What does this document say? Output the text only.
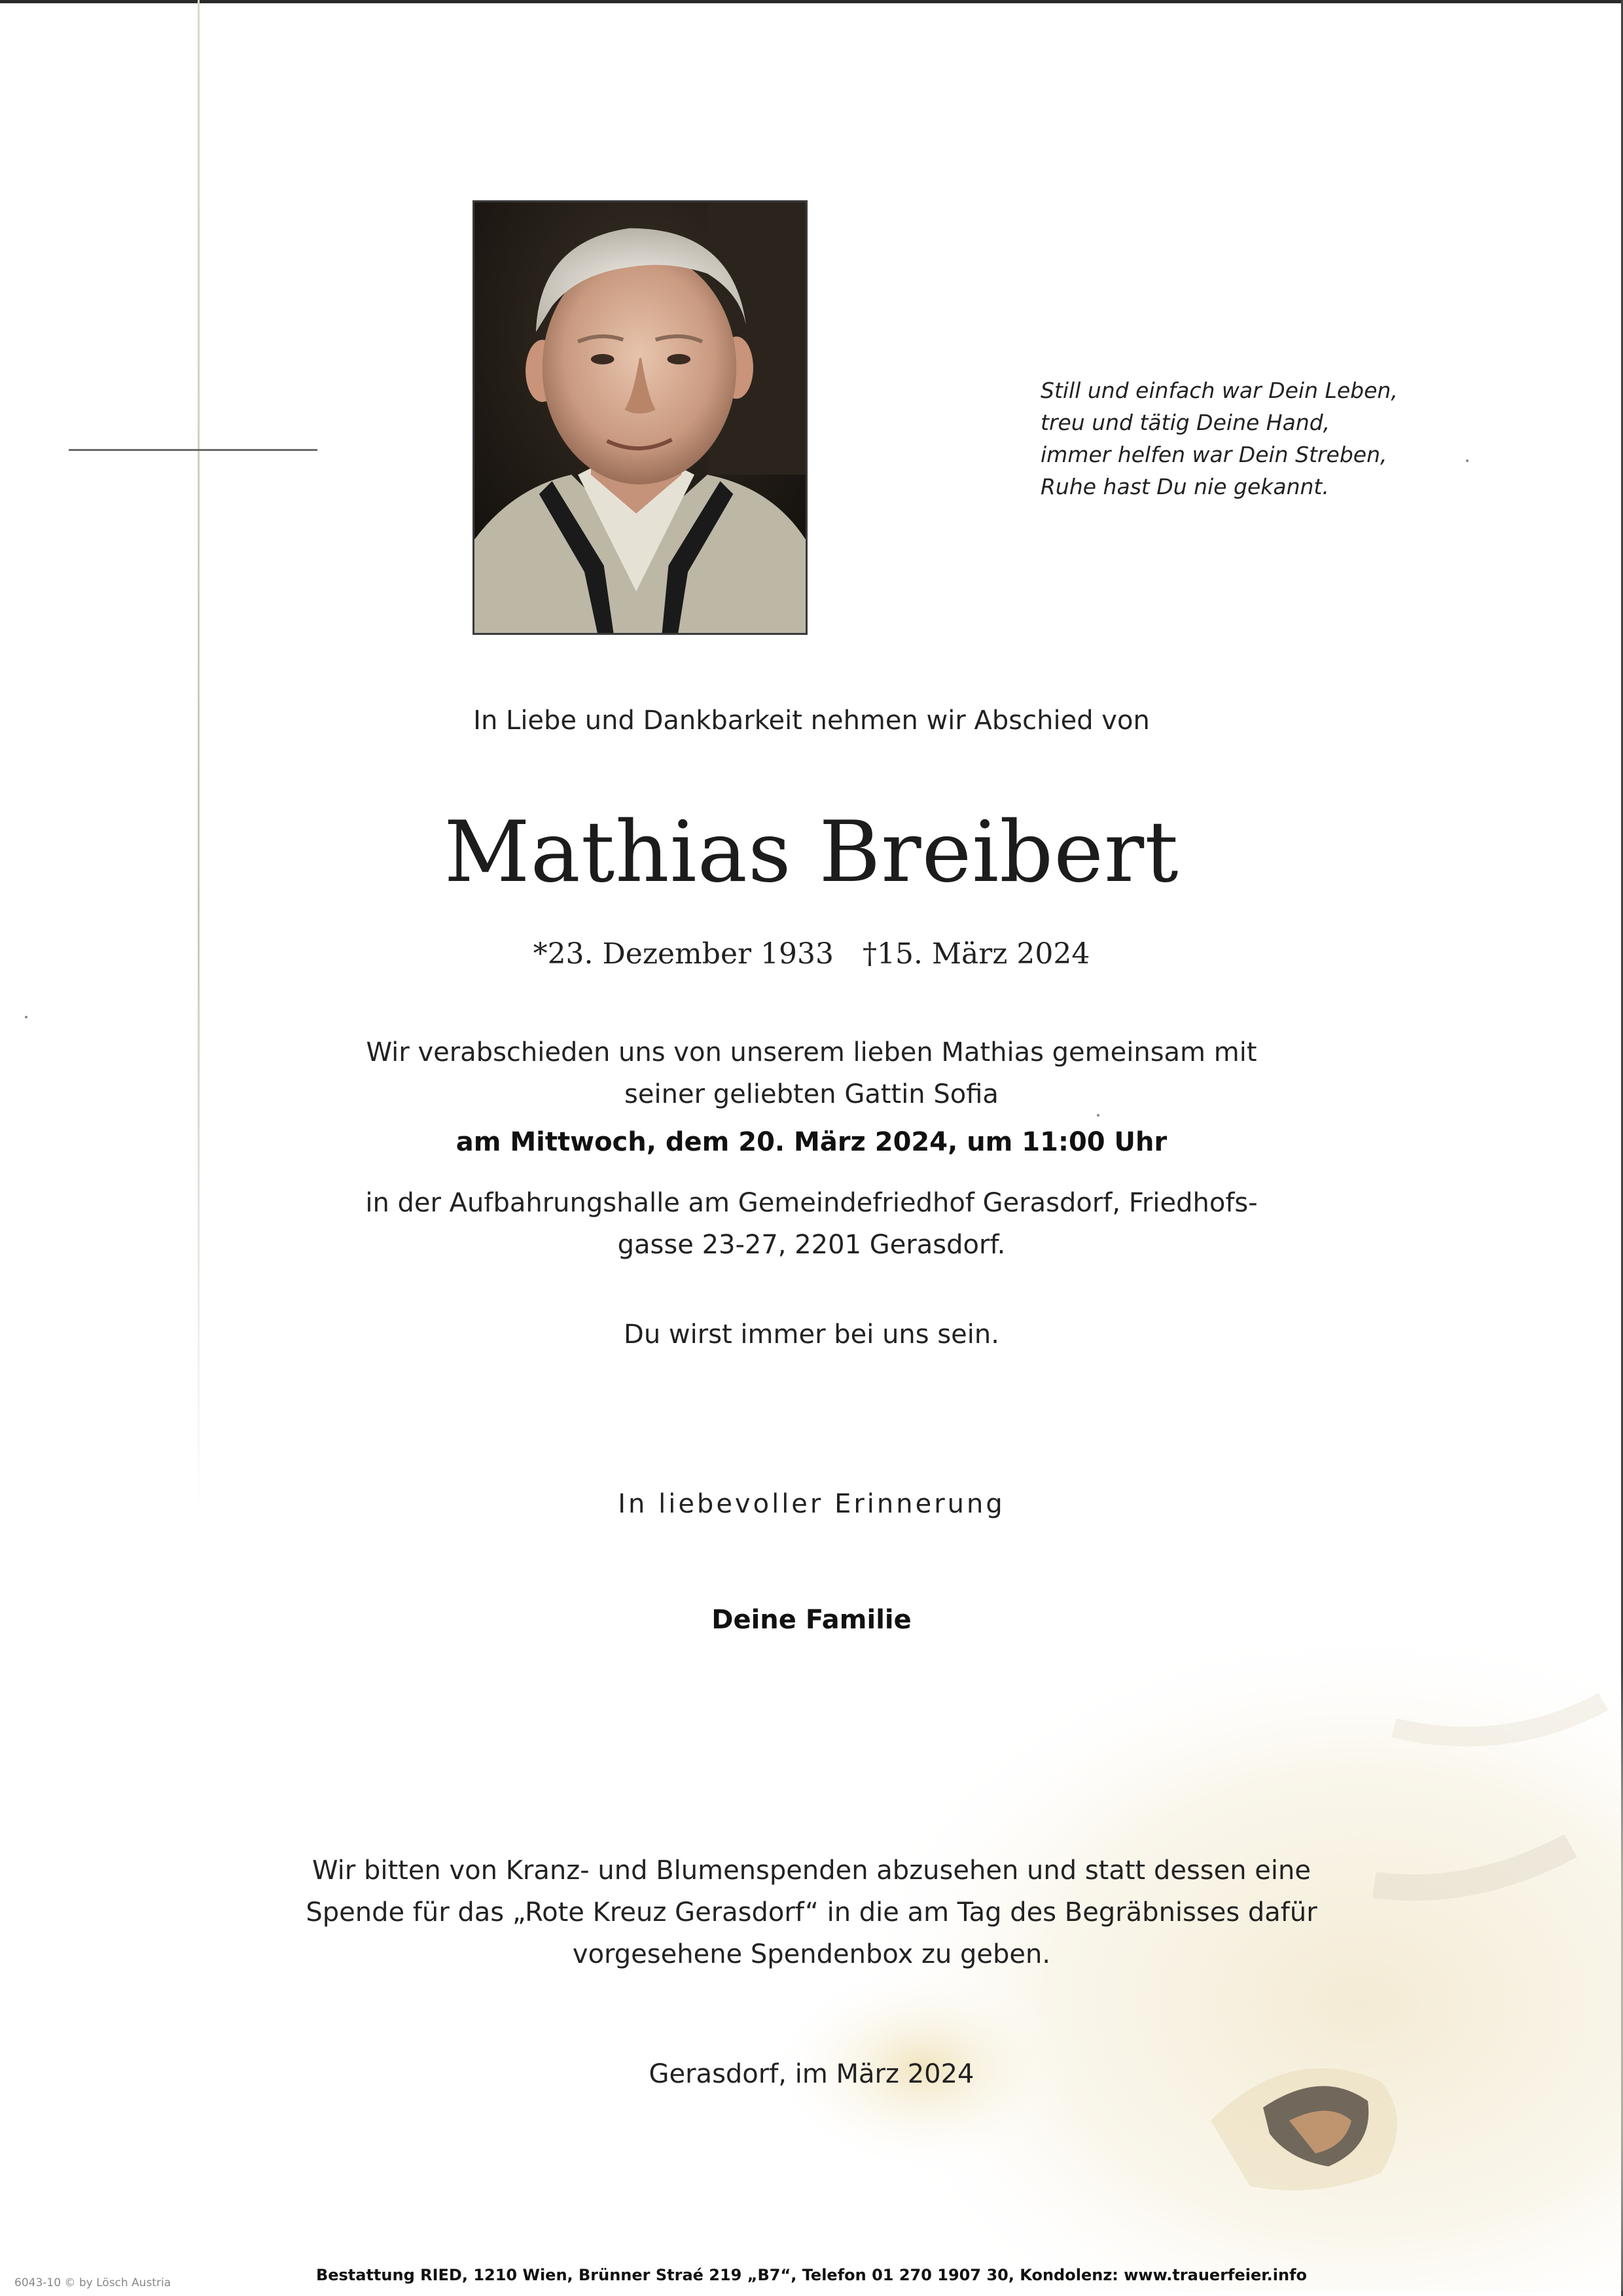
Still und einfach war Dein Leben,
treu und tätig Deine Hand,
immer helfen war Dein Streben,
Ruhe hast Du nie gekannt.
In Liebe und Dankbarkeit nehmen wir Abschied von
Mathias Breibert
*23. Dezember 1933 †15. März 2024
Wir verabschieden uns von unserem lieben Mathias gemeinsam mit
seiner geliebten Gattin Sofia
am Mittwoch, dem 20. März 2024, um 11:00 Uhr
in der Aufbahrungshalle am Gemeindefriedhof Gerasdorf, Friedhofs-
gasse 23-27, 2201 Gerasdorf.
Du wirst immer bei uns sein.
In liebevoller Erinnerung
Deine Familie
Wir bitten von Kranz- und Blumenspenden abzusehen und statt dessen eine
Spende für das „Rote Kreuz Gerasdorf“ in die am Tag des Begräbnisses dafür
vorgesehene Spendenbox zu geben.
Gerasdorf, im März 2024
Bestattung RIED, 1210 Wien, Brünner Straé 219 „B7“, Telefon 01 270 1907 30, Kondolenz: www.trauerfeier.info
6043-10 © by Lösch Austria
